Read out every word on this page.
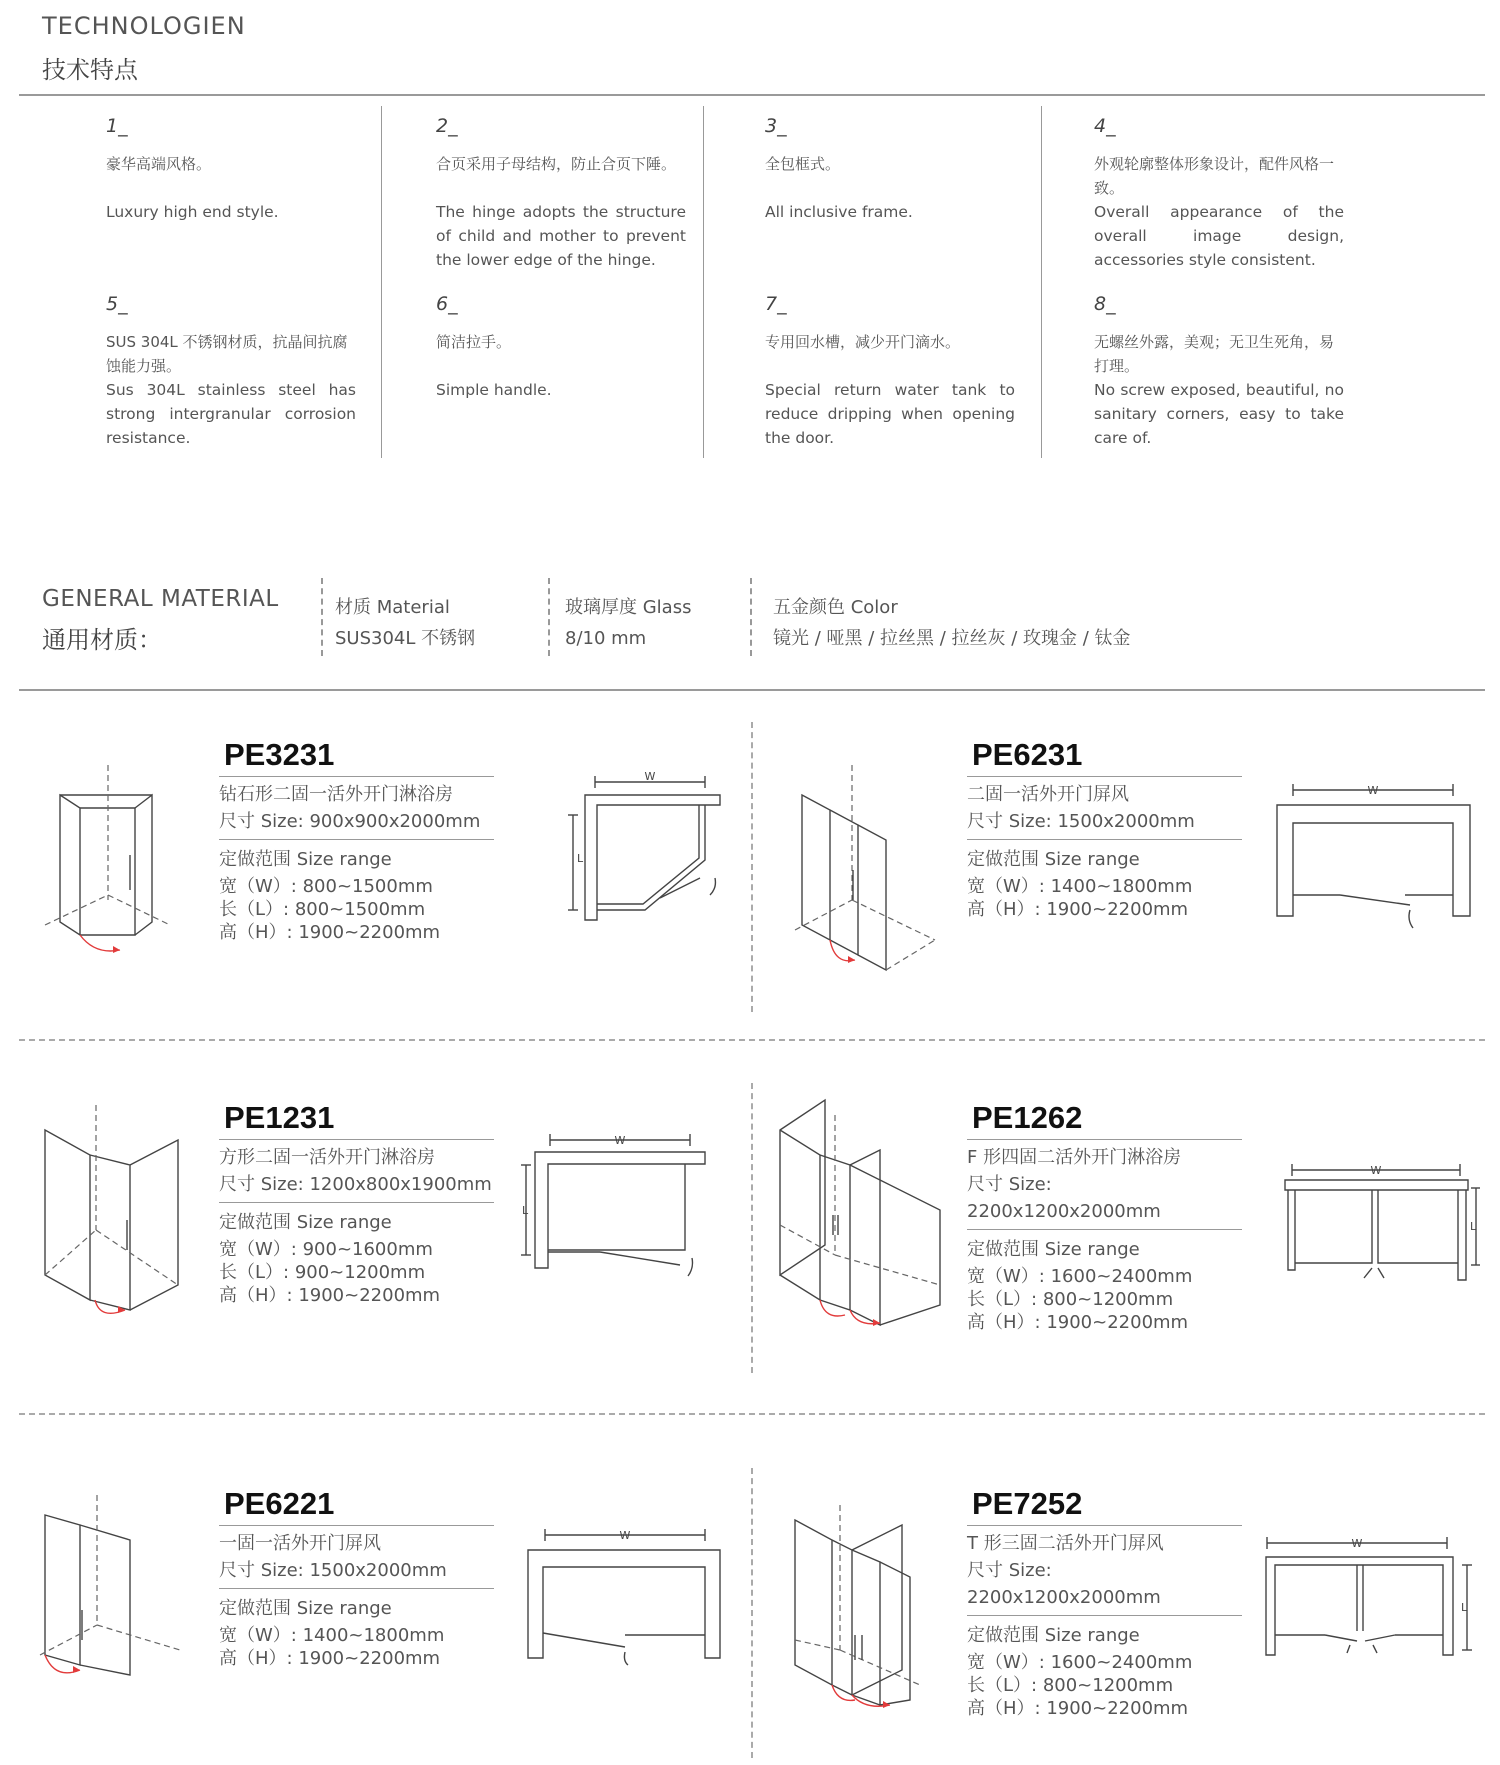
TECHNOLOGIEN
技术特点
1_
豪华高端风格。
Luxury high end style.
2_
合页采用子母结构，防止合页下陲。
The hinge adopts the structure of child and mother to prevent the lower edge of the hinge.
3_
全包框式。
All inclusive frame.
4_
外观轮廓整体形象设计，配件风格一致。
Overall appearance of the overall image design, accessories style consistent.
5_
SUS 304L 不锈钢材质，抗晶间抗腐蚀能力强。
Sus 304L stainless steel has strong intergranular corrosion resistance.
6_
简洁拉手。
Simple handle.
7_
专用回水槽，减少开门滴水。
Special return water tank to reduce dripping when opening the door.
8_
无螺丝外露，美观；无卫生死角，易打理。
No screw exposed, beautiful, no sanitary corners, easy to take care of.
GENERAL MATERIAL
通用材质：
材质 Material
SUS304L 不锈钢
玻璃厚度 Glass
8/10 mm
五金颜色 Color
镜光 / 哑黑 / 拉丝黑 / 拉丝灰 / 玫瑰金 / 钛金
PE3231
钻石形二固一活外开门淋浴房
尺寸 Size: 900x900x2000mm
定做范围 Size range
宽（W）: 800~1500mm
长（L）: 800~1500mm
高（H）: 1900~2200mm
W
L
PE6231
二固一活外开门屏风
尺寸 Size: 1500x2000mm
定做范围 Size range
宽（W）: 1400~1800mm
高（H）: 1900~2200mm
W
PE1231
方形二固一活外开门淋浴房
尺寸 Size: 1200x800x1900mm
定做范围 Size range
宽（W）: 900~1600mm
长（L）: 900~1200mm
高（H）: 1900~2200mm
W
L
PE1262
F 形四固二活外开门淋浴房
尺寸 Size: 2200x1200x2000mm
定做范围 Size range
宽（W）: 1600~2400mm
长（L）: 800~1200mm
高（H）: 1900~2200mm
W
L
PE6221
一固一活外开门屏风
尺寸 Size: 1500x2000mm
定做范围 Size range
宽（W）: 1400~1800mm
高（H）: 1900~2200mm
W
PE7252
T 形三固二活外开门屏风
尺寸 Size: 2200x1200x2000mm
定做范围 Size range
宽（W）: 1600~2400mm
长（L）: 800~1200mm
高（H）: 1900~2200mm
W
L
